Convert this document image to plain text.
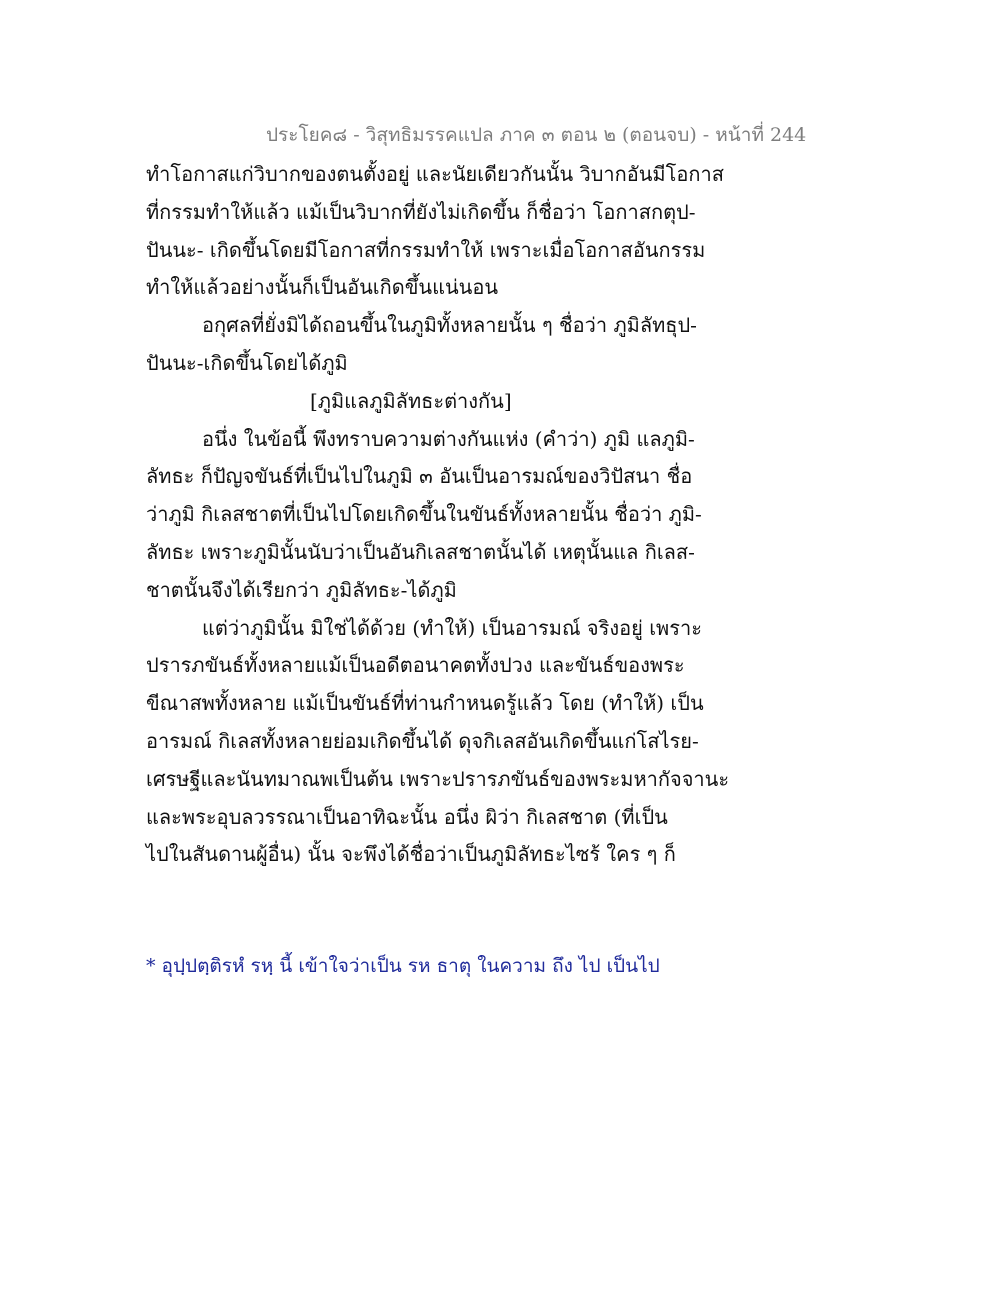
ประโยค๘ - วิสุทธิมรรคแปล ภาค ๓ ตอน ๒ (ตอนจบ) - หน้าที่ 244
ทำโอกาสแก่วิบากของตนตั้งอยู่ และนัยเดียวกันนั้น วิบากอันมีโอกาส
ที่กรรมทำให้แล้ว แม้เป็นวิบากที่ยังไม่เกิดขึ้น ก็ชื่อว่า โอกาสกตุป-
ปันนะ- เกิดขึ้นโดยมีโอกาสที่กรรมทำให้ เพราะเมื่อโอกาสอันกรรม
ทำให้แล้วอย่างนั้นก็เป็นอันเกิดขึ้นแน่นอน
อกุศลที่ยั่งมิได้ถอนขึ้นในภูมิทั้งหลายนั้น ๆ ชื่อว่า ภูมิลัทธุป-
ปันนะ-เกิดขึ้นโดยได้ภูมิ
[ภูมิแลภูมิลัทธะต่างกัน]
อนึ่ง ในข้อนี้ พึงทราบความต่างกันแห่ง (คำว่า) ภูมิ แลภูมิ-
ลัทธะ ก็ปัญจขันธ์ที่เป็นไปในภูมิ ๓ อันเป็นอารมณ์ของวิปัสนา ชื่อ
ว่าภูมิ กิเลสชาตที่เป็นไปโดยเกิดขึ้นในขันธ์ทั้งหลายนั้น ชื่อว่า ภูมิ-
ลัทธะ เพราะภูมินั้นนับว่าเป็นอันกิเลสชาตนั้นได้ เหตุนั้นแล กิเลส-
ชาตนั้นจึงได้เรียกว่า ภูมิลัทธะ-ได้ภูมิ
แต่ว่าภูมินั้น มิใช่ได้ด้วย (ทำให้) เป็นอารมณ์ จริงอยู่ เพราะ
ปรารภขันธ์ทั้งหลายแม้เป็นอดีตอนาคตทั้งปวง และขันธ์ของพระ
ขีณาสพทั้งหลาย แม้เป็นขันธ์ที่ท่านกำหนดรู้แล้ว โดย (ทำให้) เป็น
อารมณ์ กิเลสทั้งหลายย่อมเกิดขึ้นได้ ดุจกิเลสอันเกิดขึ้นแก่โสไรย-
เศรษฐีและนันทมาณพเป็นต้น เพราะปรารภขันธ์ของพระมหากัจจานะ
และพระอุบลวรรณาเป็นอาทิฉะนั้น อนึ่ง ผิว่า กิเลสชาต (ที่เป็น
ไปในสันดานผู้อื่น) นั้น จะพึงได้ชื่อว่าเป็นภูมิลัทธะไซร้ ใคร ๆ ก็
* อุปฺปตฺติรหํ รหฺ นี้ เข้าใจว่าเป็น รห ธาตุ ในความ ถึง ไป เป็นไป
